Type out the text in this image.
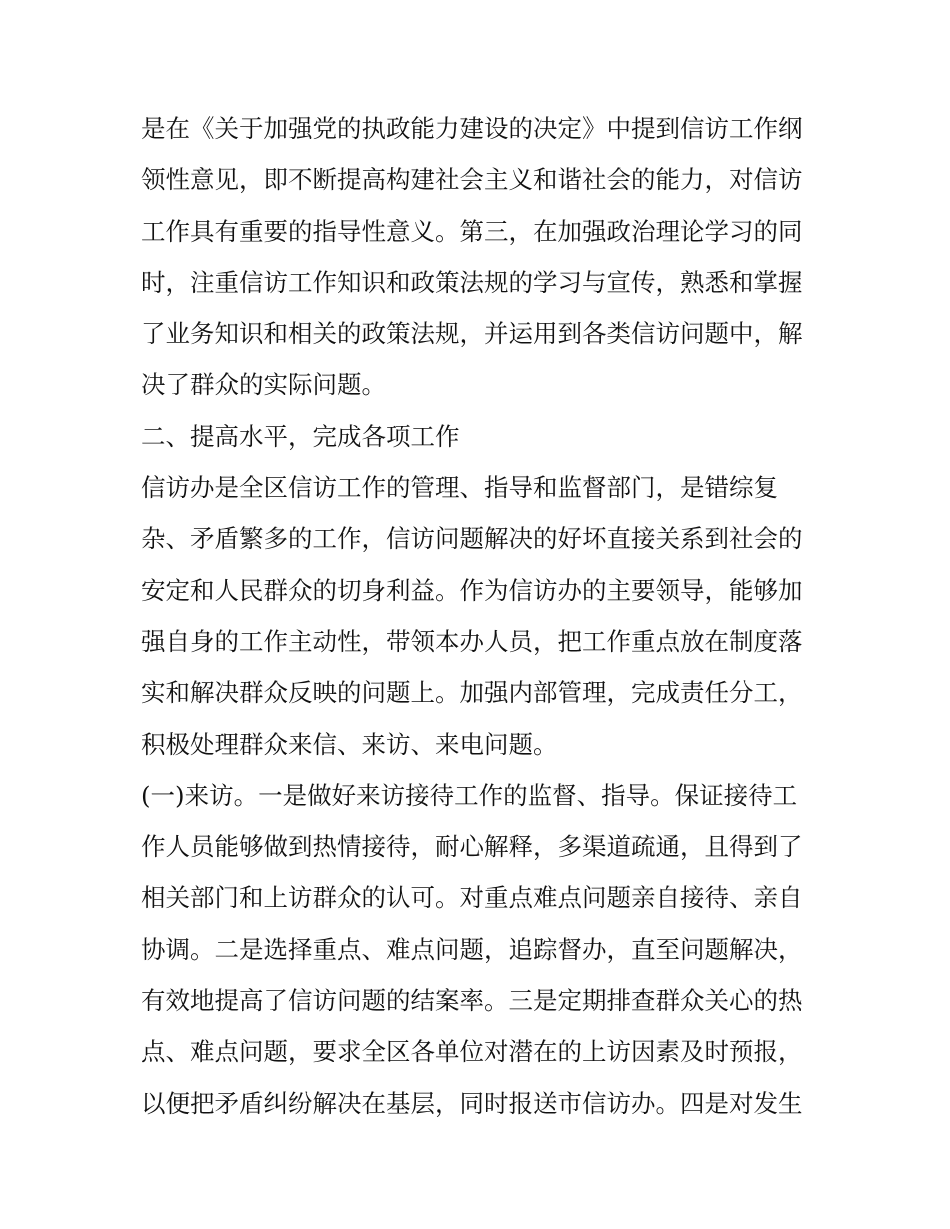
是在《关于加强党的执政能力建设的决定》中提到信访工作纲
领性意见，即不断提高构建社会主义和谐社会的能力，对信访
工作具有重要的指导性意义。第三，在加强政治理论学习的同
时，注重信访工作知识和政策法规的学习与宣传，熟悉和掌握
了业务知识和相关的政策法规，并运用到各类信访问题中，解
决了群众的实际问题。
二、提高水平，完成各项工作
信访办是全区信访工作的管理、指导和监督部门，是错综复
杂、矛盾繁多的工作，信访问题解决的好坏直接关系到社会的
安定和人民群众的切身利益。作为信访办的主要领导，能够加
强自身的工作主动性，带领本办人员，把工作重点放在制度落
实和解决群众反映的问题上。加强内部管理，完成责任分工，
积极处理群众来信、来访、来电问题。
(一)来访。一是做好来访接待工作的监督、指导。保证接待工
作人员能够做到热情接待，耐心解释，多渠道疏通，且得到了
相关部门和上访群众的认可。对重点难点问题亲自接待、亲自
协调。二是选择重点、难点问题，追踪督办，直至问题解决，
有效地提高了信访问题的结案率。三是定期排查群众关心的热
点、难点问题，要求全区各单位对潜在的上访因素及时预报，
以便把矛盾纠纷解决在基层，同时报送市信访办。四是对发生
